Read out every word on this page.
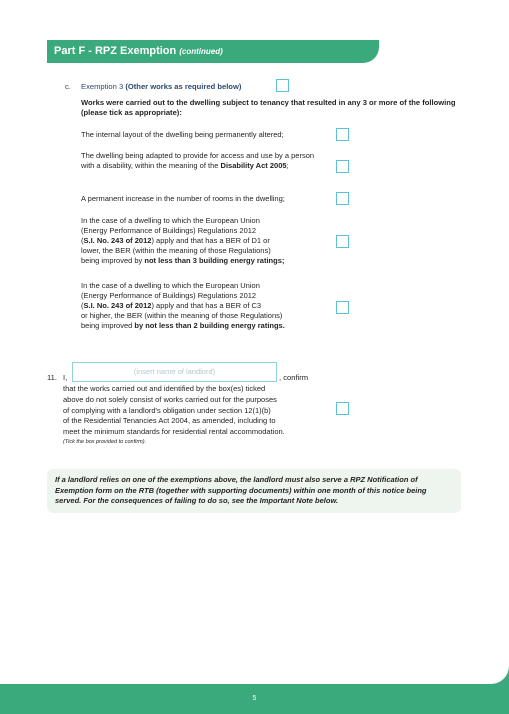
Part F - RPZ Exemption (continued)
c. Exemption 3 (Other works as required below)
Works were carried out to the dwelling subject to tenancy that resulted in any 3 or more of the following (please tick as appropriate):
The internal layout of the dwelling being permanently altered;
The dwelling being adapted to provide for access and use by a person with a disability, within the meaning of the Disability Act 2005;
A permanent increase in the number of rooms in the dwelling;
In the case of a dwelling to which the European Union
(Energy Performance of Buildings) Regulations 2012
(S.I. No. 243 of 2012) apply and that has a BER of D1 or
lower, the BER (within the meaning of those Regulations)
being improved by not less than 3 building energy ratings;
In the case of a dwelling to which the European Union
(Energy Performance of Buildings) Regulations 2012
(S.I. No. 243 of 2012) apply and that has a BER of C3
or higher, the BER (within the meaning of those Regulations)
being improved by not less than 2 building energy ratings.
11. I,
(insert name of landlord)
, confirm
that the works carried out and identified by the box(es) ticked
above do not solely consist of works carried out for the purposes
of complying with a landlord's obligation under section 12(1)(b)
of the Residential Tenancies Act 2004, as amended, including to
meet the minimum standards for residential rental accommodation.
(Tick the box provided to confirm).
If a landlord relies on one of the exemptions above, the landlord must also serve a RPZ Notification of Exemption form on the RTB (together with supporting documents) within one month of this notice being served. For the consequences of failing to do so, see the Important Note below.
5
